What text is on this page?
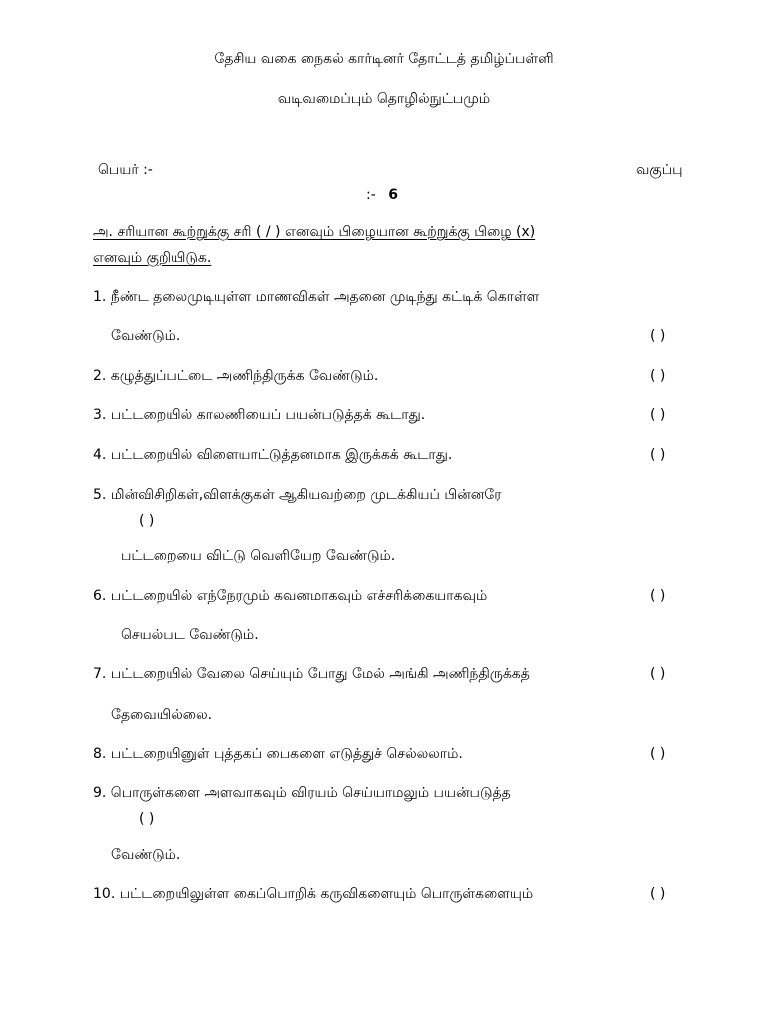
தேசிய வகை நைகல் கார்டினர் தோட்டத் தமிழ்ப்பள்ளி
வடிவமைப்பும் தொழில்நுட்பமும்
பெயர் :-	வகுப்பு
:- 6
அ. சரியான கூற்றுக்கு சரி ( / ) எனவும் பிழையான கூற்றுக்கு பிழை (x)
எனவும் குறியிடுக.
1. நீண்ட தலைமுடியுள்ள மாணவிகள் அதனை முடிந்து கட்டிக் கொள்ள
வேண்டும்.	( )
2. கழுத்துப்பட்டை அணிந்திருக்க வேண்டும்.	( )
3. பட்டறையில் காலணியைப் பயன்படுத்தக் கூடாது.	( )
4. பட்டறையில் விளையாட்டுத்தனமாக இருக்கக் கூடாது.	( )
5. மின்விசிறிகள்,விளக்குகள் ஆகியவற்றை முடக்கியப் பின்னரே
( )
பட்டறையை விட்டு வெளியேற வேண்டும்.
6. பட்டறையில் எந்நேரமும் கவனமாகவும் எச்சரிக்கையாகவும்	( )
செயல்பட வேண்டும்.
7. பட்டறையில் வேலை செய்யும் போது மேல் அங்கி அணிந்திருக்கத்	( )
தேவையில்லை.
8. பட்டறையினுள் புத்தகப் பைகளை எடுத்துச் செல்லலாம்.	( )
9. பொருள்களை அளவாகவும் விரயம் செய்யாமலும் பயன்படுத்த
( )
வேண்டும்.
10. பட்டறையிலுள்ள கைப்பொறிக் கருவிகளையும் பொருள்களையும்	( )
